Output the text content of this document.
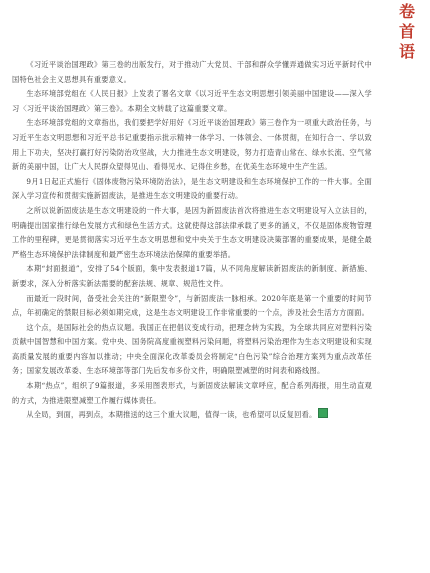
卷
首
语

《习近平谈治国理政》第三卷的出版发行，对于推动广大党员、干部和群众学懂弄通做实习近平新时代中国特色社会主义思想具有重要意义。

生态环境部党组在《人民日报》上发表了署名文章《以习近平生态文明思想引领美丽中国建设——深入学习〈习近平谈治国理政〉第三卷》。本期全文转载了这篇重要文章。

生态环境部党组的文章指出，我们要把学好用好《习近平谈治国理政》第三卷作为一项重大政治任务，与习近平生态文明思想和习近平总书记重要指示批示精神一体学习、一体领会、一体贯彻，在知行合一、学以致用上下功夫，坚决打赢打好污染防治攻坚战，大力推进生态文明建设，努力打造青山常在、绿水长流、空气常新的美丽中国，让广大人民群众望得见山、看得见水、记得住乡愁，在优美生态环境中生产生活。

9月1日起正式施行《固体废物污染环境防治法》，是生态文明建设和生态环境保护工作的一件大事。全面深入学习宣传和贯彻实施新固废法，是推进生态文明建设的重要行动。

之所以说新固废法是生态文明建设的一件大事，是因为新固废法首次将推进生态文明建设写入立法目的，明确提出国家推行绿色发展方式和绿色生活方式。这就使得这部法律承载了更多的涵义，不仅是固体废物管理工作的里程碑，更是贯彻落实习近平生态文明思想和党中央关于生态文明建设决策部署的重要成果，是健全最严格生态环境保护法律制度和最严密生态环境法治保障的重要举措。

本期“封面报道”，安排了54个版面，集中发表报道17篇，从不同角度解读新固废法的新制度、新措施、新要求，深入分析落实新法需要的配套法规、规章、规范性文件。

而最近一段时间，备受社会关注的“新限塑令”，与新固废法一脉相承。2020年底是第一个重要的时间节点，年初确定的禁限目标必须如期完成，这是生态文明建设工作非常重要的一个点，涉及社会生活方方面面。

这个点，是国际社会的热点议题。我国正在把倡议变成行动，把理念转为实践，为全球共同应对塑料污染贡献中国智慧和中国方案。党中央、国务院高度重视塑料污染问题，将塑料污染治理作为生态文明建设和实现高质量发展的重要内容加以推动；中央全面深化改革委员会将制定“白色污染”综合治理方案列为重点改革任务；国家发展改革委、生态环境部等部门先后发布多份文件，明确限塑减塑的时间表和路线图。

本期“热点”，组织了9篇报道，多采用图表形式，与新固废法解读文章呼应，配合系列海报，用生动直观的方式，为推进限塑减塑工作履行媒体责任。

从全局，到面，再到点，本期推送的这三个重大议题，值得一读，也希望可以反复回看。
